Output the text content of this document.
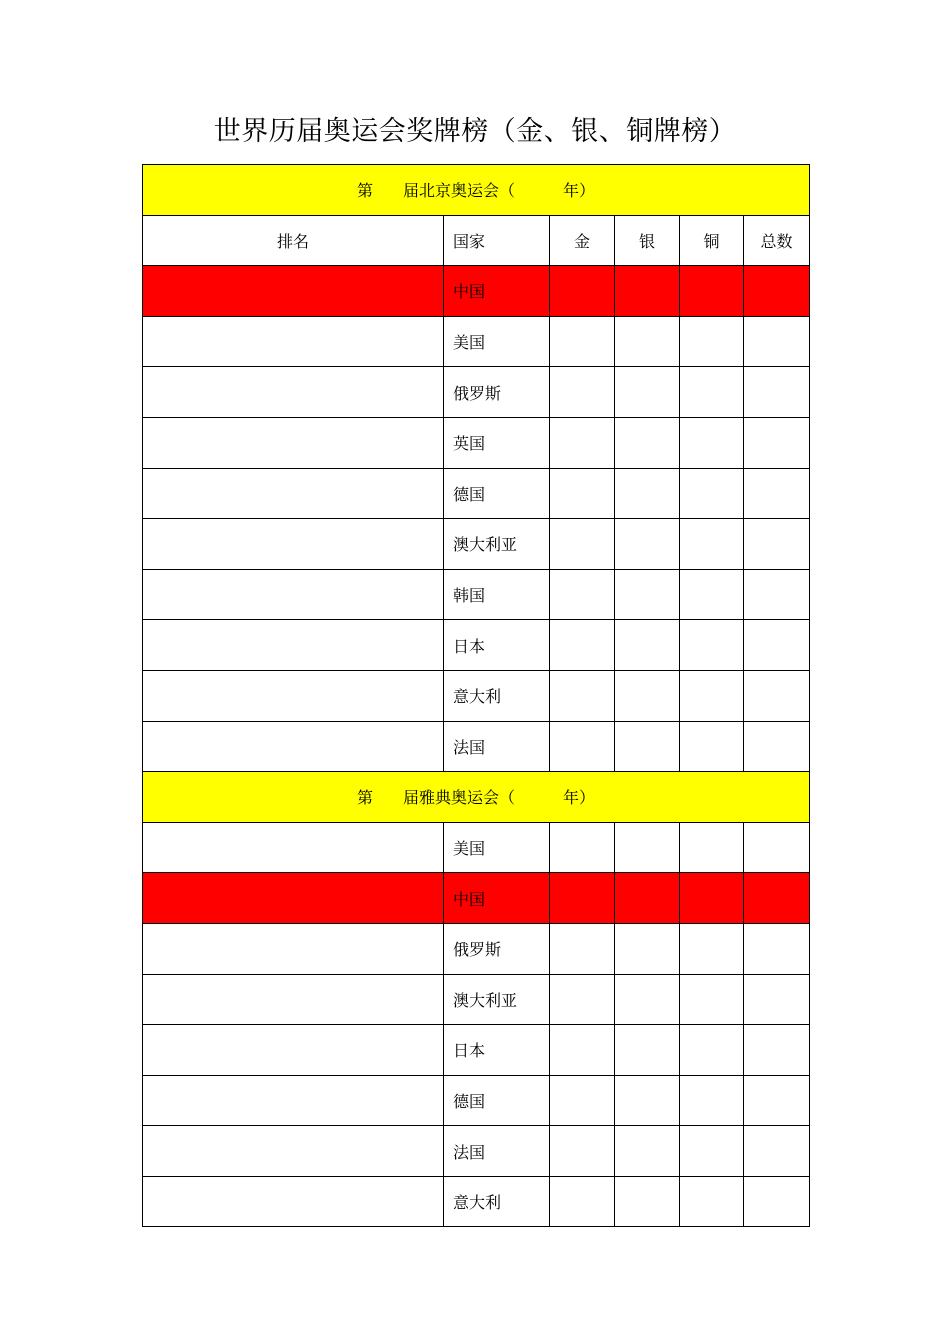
世界历届奥运会奖牌榜（金、银、铜牌榜）
第 届北京奥运会（ 年）					
排名	国家	金	银	铜	总数
	中国				
	美国				
	俄罗斯				
	英国				
	德国				
	澳大利亚				
	韩国				
	日本				
	意大利				
	法国				
第 届雅典奥运会（ 年）					
	美国				
	中国				
	俄罗斯				
	澳大利亚				
	日本				
	德国				
	法国				
	意大利				
